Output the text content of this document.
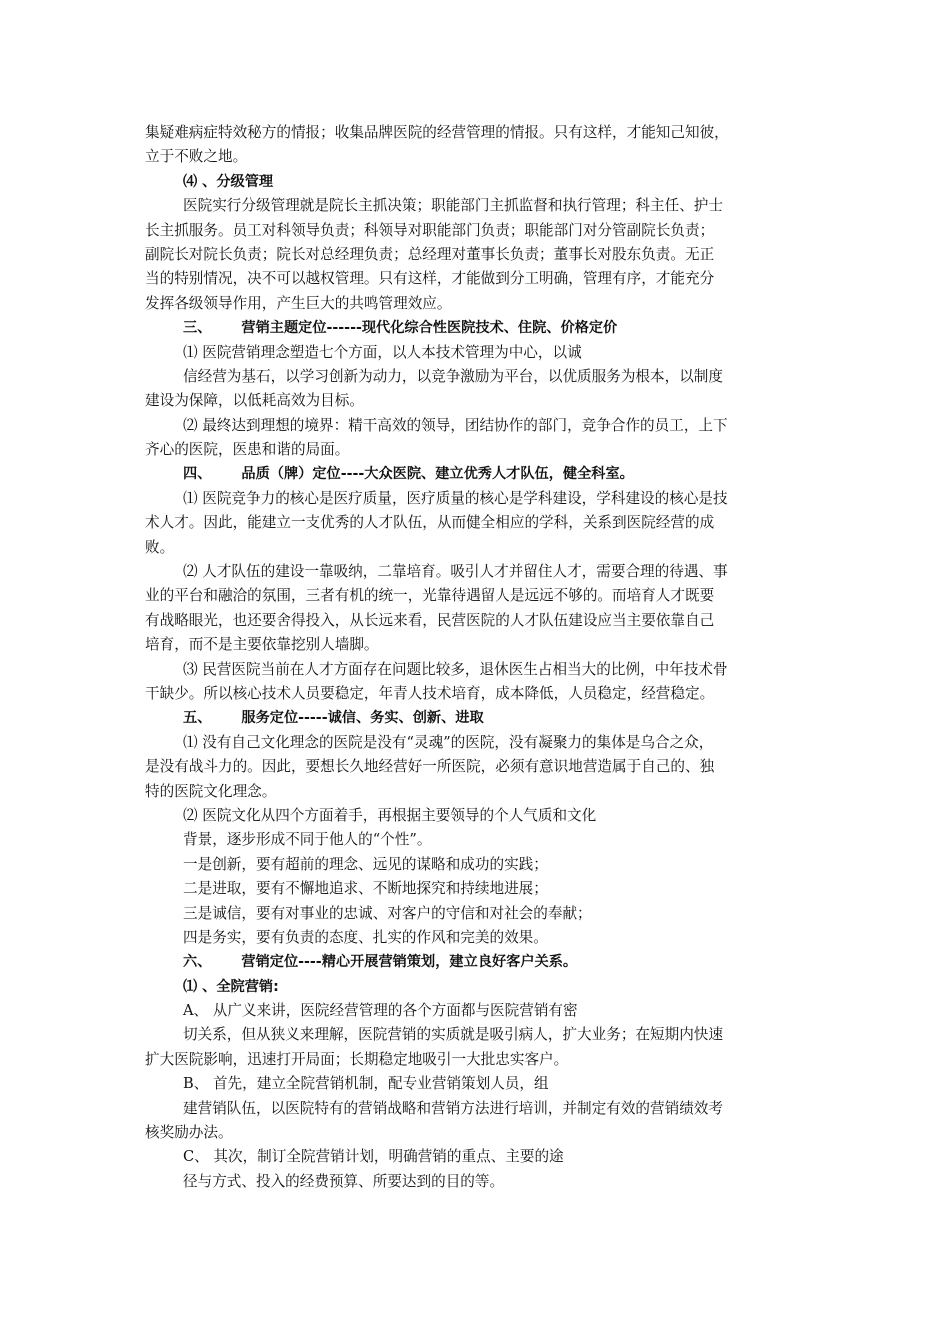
集疑难病症特效秘方的情报；收集品牌医院的经营管理的情报。只有这样，才能知己知彼，
立于不败之地。
⑷ 、分级管理
医院实行分级管理就是院长主抓决策；职能部门主抓监督和执行管理；科主任、护士
长主抓服务。员工对科领导负责；科领导对职能部门负责；职能部门对分管副院长负责；
副院长对院长负责；院长对总经理负责；总经理对董事长负责；董事长对股东负责。无正
当的特别情况，决不可以越权管理。只有这样，才能做到分工明确，管理有序，才能充分
发挥各级领导作用，产生巨大的共鸣管理效应。
三、 营销主题定位------现代化综合性医院技术、住院、价格定价
⑴ 医院营销理念塑造七个方面，以人本技术管理为中心，以诚
信经营为基石，以学习创新为动力，以竞争激励为平台，以优质服务为根本，以制度
建设为保障，以低耗高效为目标。
⑵ 最终达到理想的境界：精干高效的领导，团结协作的部门，竞争合作的员工，上下
齐心的医院，医患和谐的局面。
四、 品质（牌）定位----大众医院、建立优秀人才队伍，健全科室。
⑴ 医院竞争力的核心是医疗质量，医疗质量的核心是学科建设，学科建设的核心是技
术人才。因此，能建立一支优秀的人才队伍，从而健全相应的学科，关系到医院经营的成
败。
⑵ 人才队伍的建设一靠吸纳，二靠培育。吸引人才并留住人才，需要合理的待遇、事
业的平台和融洽的氛围，三者有机的统一，光靠待遇留人是远远不够的。而培育人才既要
有战略眼光，也还要舍得投入，从长远来看，民营医院的人才队伍建设应当主要依靠自己
培育，而不是主要依靠挖别人墙脚。
⑶ 民营医院当前在人才方面存在问题比较多，退休医生占相当大的比例，中年技术骨
干缺少。所以核心技术人员要稳定，年青人技术培育，成本降低，人员稳定，经营稳定。
五、 服务定位-----诚信、务实、创新、进取
⑴ 没有自己文化理念的医院是没有“灵魂”的医院，没有凝聚力的集体是乌合之众，
是没有战斗力的。因此，要想长久地经营好一所医院，必须有意识地营造属于自己的、独
特的医院文化理念。
⑵ 医院文化从四个方面着手，再根据主要领导的个人气质和文化
背景，逐步形成不同于他人的“个性”。
一是创新，要有超前的理念、远见的谋略和成功的实践；
二是进取，要有不懈地追求、不断地探究和持续地进展；
三是诚信，要有对事业的忠诚、对客户的守信和对社会的奉献；
四是务实，要有负责的态度、扎实的作风和完美的效果。
六、 营销定位----精心开展营销策划，建立良好客户关系。
⑴ 、全院营销:
A、 从广义来讲，医院经营管理的各个方面都与医院营销有密
切关系，但从狭义来理解，医院营销的实质就是吸引病人，扩大业务；在短期内快速
扩大医院影响，迅速打开局面；长期稳定地吸引一大批忠实客户。
B、 首先，建立全院营销机制，配专业营销策划人员，组
建营销队伍，以医院特有的营销战略和营销方法进行培训，并制定有效的营销绩效考
核奖励办法。
C、 其次，制订全院营销计划，明确营销的重点、主要的途
径与方式、投入的经费预算、所要达到的目的等。
